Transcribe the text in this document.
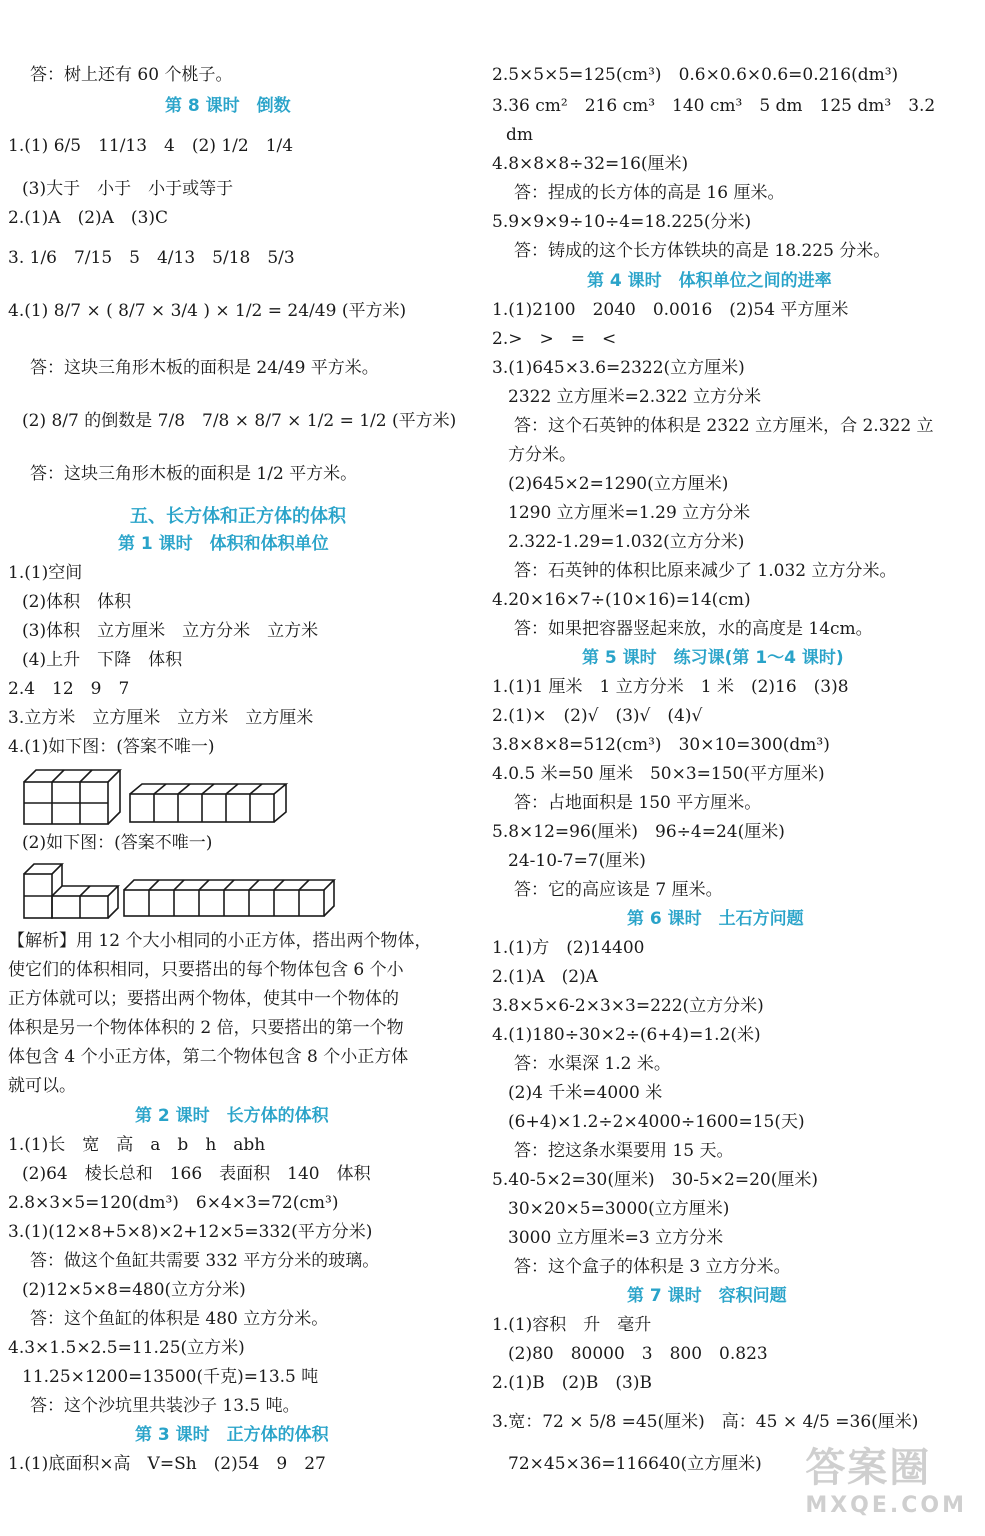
答：树上还有 60 个桃子。
第 8 课时　倒数
1.(1) 6/5　11/13　4　(2) 1/2　1/4
(3)大于　小于　小于或等于
2.(1)A　(2)A　(3)C
3. 1/6　7/15　5　4/13　5/18　5/3
4.(1) 8/7 × ( 8/7 × 3/4 ) × 1/2 = 24/49 (平方米)
答：这块三角形木板的面积是 24/49 平方米。
(2) 8/7 的倒数是 7/8　7/8 × 8/7 × 1/2 = 1/2 (平方米)
答：这块三角形木板的面积是 1/2 平方米。
五、长方体和正方体的体积
第 1 课时　体积和体积单位
1.(1)空间
(2)体积　体积
(3)体积　立方厘米　立方分米　立方米
(4)上升　下降　体积
2.4　12　9　7
3.立方米　立方厘米　立方米　立方厘米
4.(1)如下图：(答案不唯一)
(2)如下图：(答案不唯一)
【解析】用 12 个大小相同的小正方体，搭出两个物体，
使它们的体积相同，只要搭出的每个物体包含 6 个小
正方体就可以；要搭出两个物体，使其中一个物体的
体积是另一个物体体积的 2 倍，只要搭出的第一个物
体包含 4 个小正方体，第二个物体包含 8 个小正方体
就可以。
第 2 课时　长方体的体积
1.(1)长　宽　高　a　b　h　abh
(2)64　棱长总和　166　表面积　140　体积
2.8×3×5=120(dm³)　6×4×3=72(cm³)
3.(1)(12×8+5×8)×2+12×5=332(平方分米)
答：做这个鱼缸共需要 332 平方分米的玻璃。
(2)12×5×8=480(立方分米)
答：这个鱼缸的体积是 480 立方分米。
4.3×1.5×2.5=11.25(立方米)
11.25×1200=13500(千克)=13.5 吨
答：这个沙坑里共装沙子 13.5 吨。
第 3 课时　正方体的体积
1.(1)底面积×高　V=Sh　(2)54　9　27
2.5×5×5=125(cm³)　0.6×0.6×0.6=0.216(dm³)
3.36 cm²　216 cm³　140 cm³　5 dm　125 dm³　3.2
dm
4.8×8×8÷32=16(厘米)
答：捏成的长方体的高是 16 厘米。
5.9×9×9÷10÷4=18.225(分米)
答：铸成的这个长方体铁块的高是 18.225 分米。
第 4 课时　体积单位之间的进率
1.(1)2100　2040　0.0016　(2)54 平方厘米
2.>　>　=　<
3.(1)645×3.6=2322(立方厘米)
2322 立方厘米=2.322 立方分米
答：这个石英钟的体积是 2322 立方厘米，合 2.322 立
方分米。
(2)645×2=1290(立方厘米)
1290 立方厘米=1.29 立方分米
2.322-1.29=1.032(立方分米)
答：石英钟的体积比原来减少了 1.032 立方分米。
4.20×16×7÷(10×16)=14(cm)
答：如果把容器竖起来放，水的高度是 14cm。
第 5 课时　练习课(第 1～4 课时)
1.(1)1 厘米　1 立方分米　1 米　(2)16　(3)8
2.(1)×　(2)√　(3)√　(4)√
3.8×8×8=512(cm³)　30×10=300(dm³)
4.0.5 米=50 厘米　50×3=150(平方厘米)
答：占地面积是 150 平方厘米。
5.8×12=96(厘米)　96÷4=24(厘米)
24-10-7=7(厘米)
答：它的高应该是 7 厘米。
第 6 课时　土石方问题
1.(1)方　(2)14400
2.(1)A　(2)A
3.8×5×6-2×3×3=222(立方分米)
4.(1)180÷30×2÷(6+4)=1.2(米)
答：水渠深 1.2 米。
(2)4 千米=4000 米
(6+4)×1.2÷2×4000÷1600=15(天)
答：挖这条水渠要用 15 天。
5.40-5×2=30(厘米)　30-5×2=20(厘米)
30×20×5=3000(立方厘米)
3000 立方厘米=3 立方分米
答：这个盒子的体积是 3 立方分米。
第 7 课时　容积问题
1.(1)容积　升　毫升
(2)80　80000　3　800　0.823
2.(1)B　(2)B　(3)B
3.宽：72 × 5/8 =45(厘米)　高：45 × 4/5 =36(厘米)
72×45×36=116640(立方厘米) 答案圈
MXQE.COM
